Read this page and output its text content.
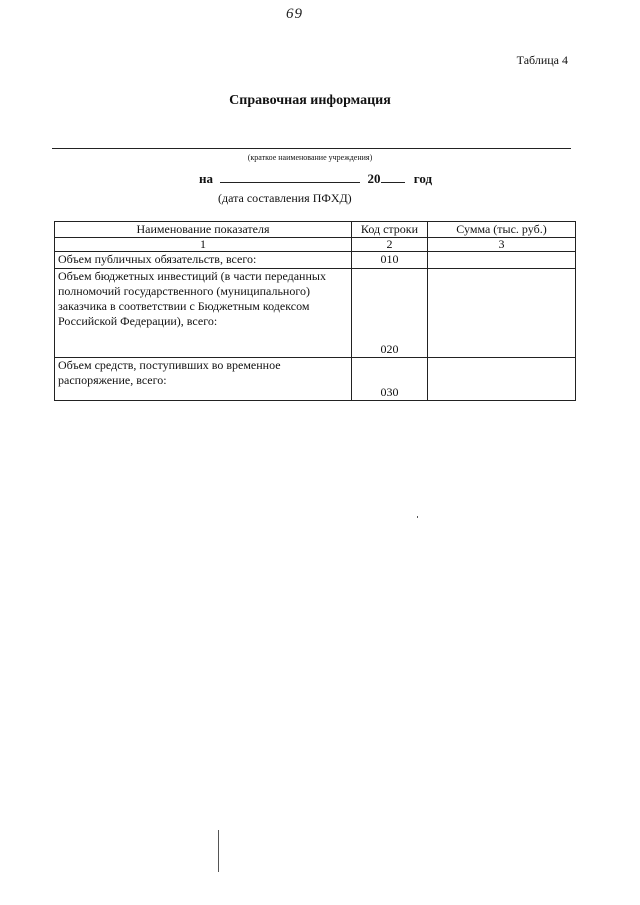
69
Таблица 4
Справочная информация
(краткое наименование учреждения)
на	20	год
(дата составления ПФХД)
Наименование показателя	Код строки	Сумма (тыс. руб.)
1	2	3
Объем публичных обязательств, всего:	010	
Объем бюджетных инвестиций (в части переданных полномочий государственного (муниципального) заказчика в соответствии с Бюджетным кодексом Российской Федерации), всего:	020	
Объем средств, поступивших во временное распоряжение, всего:	030	
